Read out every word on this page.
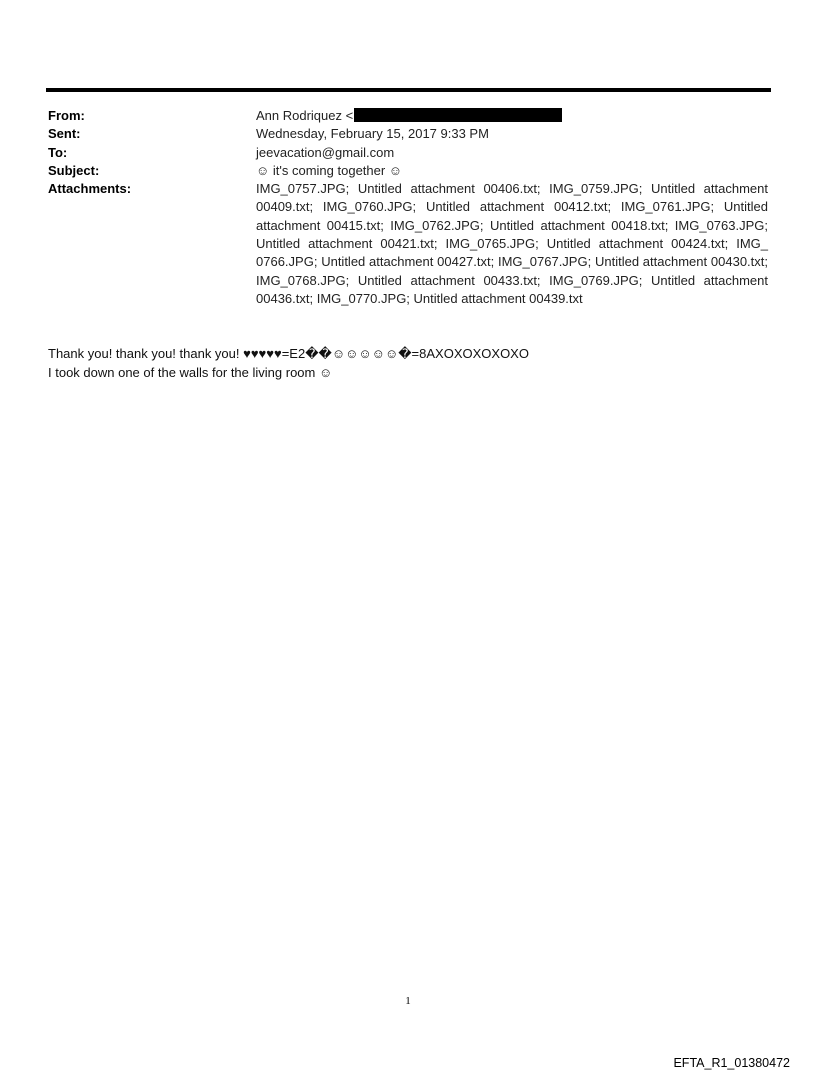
From:	Ann Rodriquez <
Sent:	Wednesday, February 15, 2017 9:33 PM
To:	jeevacation@gmail.com
Subject:	☺ it's coming together ☺
Attachments:	IMG_0757.JPG; Untitled attachment 00406.txt; IMG_0759.JPG; Untitled attachment 00409.txt; IMG_0760.JPG; Untitled attachment 00412.txt; IMG_0761.JPG; Untitled attachment 00415.txt; IMG_0762.JPG; Untitled attachment 00418.txt; IMG_0763.JPG; Untitled attachment 00421.txt; IMG_0765.JPG; Untitled attachment 00424.txt; IMG_ 0766.JPG; Untitled attachment 00427.txt; IMG_0767.JPG; Untitled attachment 00430.txt; IMG_0768.JPG; Untitled attachment 00433.txt; IMG_0769.JPG; Untitled attachment 00436.txt; IMG_0770.JPG; Untitled attachment 00439.txt
Thank you! thank you! thank you! ♥♥♥♥♥=E2��☺☺☺☺☺�=8AXOXOXOXOXO
I took down one of the walls for the living room ☺
1
EFTA_R1_01380472
